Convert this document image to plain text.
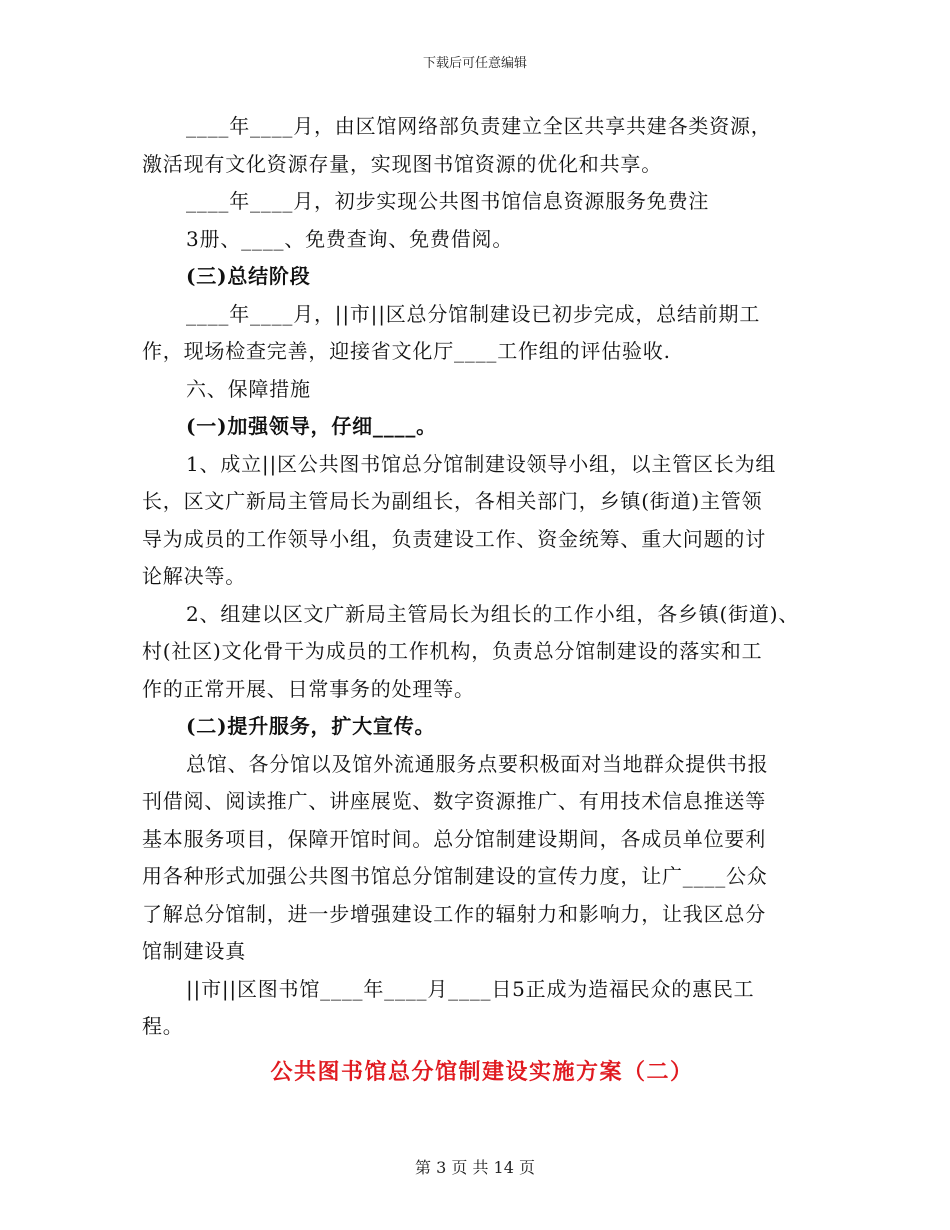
下载后可任意编辑
____年____月，由区馆网络部负责建立全区共享共建各类资源，
激活现有文化资源存量，实现图书馆资源的优化和共享。
____年____月，初步实现公共图书馆信息资源服务免费注
3册、____、免费查询、免费借阅。
(三)总结阶段
____年____月，||市||区总分馆制建设已初步完成，总结前期工
作，现场检查完善，迎接省文化厅____工作组的评估验收.
六、保障措施
(一)加强领导，仔细____。
1、成立||区公共图书馆总分馆制建设领导小组，以主管区长为组
长，区文广新局主管局长为副组长，各相关部门，乡镇(街道)主管领
导为成员的工作领导小组，负责建设工作、资金统筹、重大问题的讨
论解决等。
2、组建以区文广新局主管局长为组长的工作小组，各乡镇(街道)、
村(社区)文化骨干为成员的工作机构，负责总分馆制建设的落实和工
作的正常开展、日常事务的处理等。
(二)提升服务，扩大宣传。
总馆、各分馆以及馆外流通服务点要积极面对当地群众提供书报
刊借阅、阅读推广、讲座展览、数字资源推广、有用技术信息推送等
基本服务项目，保障开馆时间。总分馆制建设期间，各成员单位要利
用各种形式加强公共图书馆总分馆制建设的宣传力度，让广____公众
了解总分馆制，进一步增强建设工作的辐射力和影响力，让我区总分
馆制建设真
||市||区图书馆____年____月____日5正成为造福民众的惠民工
程。
公共图书馆总分馆制建设实施方案（二）
第 3 页 共 14 页
